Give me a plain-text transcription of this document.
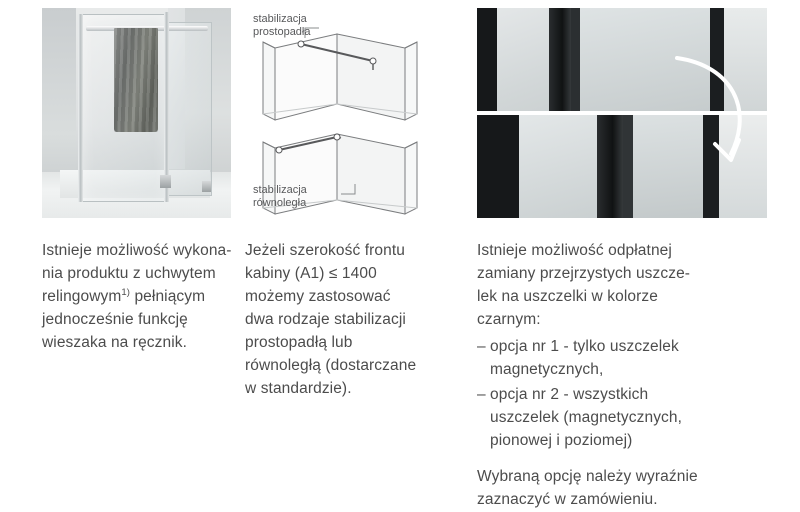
Istnieje możliwość wykona-

nia produktu z uchwytem

relingowym$^{1)}$ pełniącym

jednocześnie funkcję

wieszaka na ręcznik.

stabilizacja
prostopadła
stabilizacja
równoległa

Jeżeli szerokość frontu

kabiny (A1) ≤ 1400

możemy zastosować

dwa rodzaje stabilizacji

prostopadłą lub

równoległą (dostarczane

w standardzie).

Istnieje możliwość odpłatnej

zamiany przejrzystych uszcze-

lek na uszczelki w kolorze

czarnym:

– opcja nr 1 - tylko uszczelek
magnetycznych,
– opcja nr 2 - wszystkich
uszczelek (magnetycznych,
pionowej i poziomej)

Wybraną opcję należy wyraźnie

zaznaczyć w zamówieniu.
